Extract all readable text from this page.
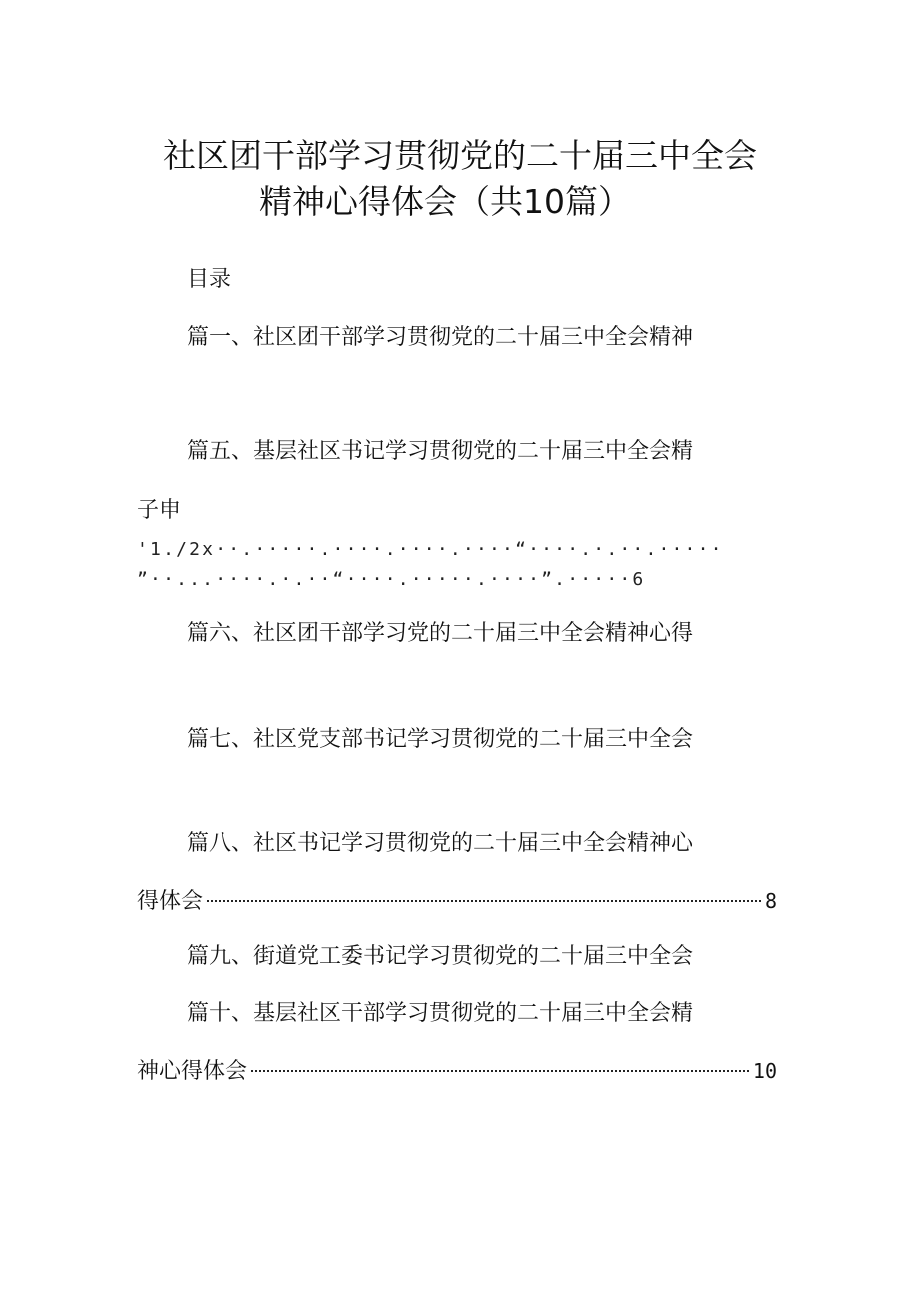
社区团干部学习贯彻党的二十届三中全会
精神心得体会（共10篇）
目录
篇一、社区团干部学习贯彻党的二十届三中全会精神
篇五、基层社区书记学习贯彻党的二十届三中全会精
子申
'1./2x··.·····.····.····.····“····.·.··.·····
”··...····.·.··“····.·····.····”.·····6
篇六、社区团干部学习党的二十届三中全会精神心得
篇七、社区党支部书记学习贯彻党的二十届三中全会
篇八、社区书记学习贯彻党的二十届三中全会精神心
得体会	8
篇九、街道党工委书记学习贯彻党的二十届三中全会
篇十、基层社区干部学习贯彻党的二十届三中全会精
神心得体会	10
